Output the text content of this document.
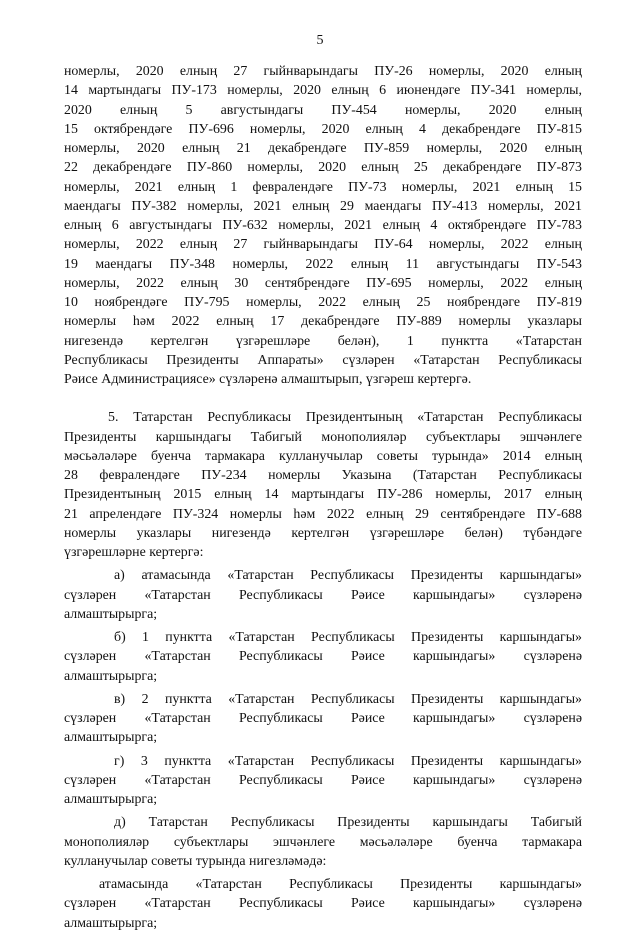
5
номерлы, 2020 елның 27 гыйнварындагы ПУ-26 номерлы, 2020 елның
14 мартындагы ПУ-173 номерлы, 2020 елның 6 июнендәге ПУ-341 номерлы,
2020 елның 5 августындагы ПУ-454 номерлы, 2020 елның
15 октябрендәге ПУ-696 номерлы, 2020 елның 4 декабрендәге ПУ-815
номерлы, 2020 елның 21 декабрендәге ПУ-859 номерлы, 2020 елның
22 декабрендәге ПУ-860 номерлы, 2020 елның 25 декабрендәге ПУ-873
номерлы, 2021 елның 1 февралендәге ПУ-73 номерлы, 2021 елның 15
маендагы ПУ-382 номерлы, 2021 елның 29 маендагы ПУ-413 номерлы, 2021
елның 6 августындагы ПУ-632 номерлы, 2021 елның 4 октябрендәге ПУ-783
номерлы, 2022 елның 27 гыйнварындагы ПУ-64 номерлы, 2022 елның
19 маендагы ПУ-348 номерлы, 2022 елның 11 августындагы ПУ-543
номерлы, 2022 елның 30 сентябрендәге ПУ-695 номерлы, 2022 елның
10 ноябрендәге ПУ-795 номерлы, 2022 елның 25 ноябрендәге ПУ-819
номерлы һәм 2022 елның 17 декабрендәге ПУ-889 номерлы указлары
нигезендә кертелгән үзгәрешләре белән), 1 пунктта «Татарстан
Республикасы Президенты Аппараты» сүзләрен «Татарстан Республикасы
Рәисе Администрациясе» сүзләренә алмаштырып, үзгәреш кертергә.
5. Татарстан Республикасы Президентының «Татарстан Республикасы
Президенты каршындагы Табигый монополияләр субъектлары эшчәнлеге
мәсьәләләре буенча тармакара кулланучылар советы турында» 2014 елның
28 февралендәге ПУ-234 номерлы Указына (Татарстан Республикасы
Президентының 2015 елның 14 мартындагы ПУ-286 номерлы, 2017 елның
21 апрелендәге ПУ-324 номерлы һәм 2022 елның 29 сентябрендәге ПУ-688
номерлы указлары нигезендә кертелгән үзгәрешләре белән) түбәндәге
үзгәрешләрне кертергә:
а) атамасында «Татарстан Республикасы Президенты каршындагы»
сүзләрен «Татарстан Республикасы Рәисе каршындагы» сүзләренә
алмаштырырга;
б) 1 пунктта «Татарстан Республикасы Президенты каршындагы»
сүзләрен «Татарстан Республикасы Рәисе каршындагы» сүзләренә
алмаштырырга;
в) 2 пунктта «Татарстан Республикасы Президенты каршындагы»
сүзләрен «Татарстан Республикасы Рәисе каршындагы» сүзләренә
алмаштырырга;
г) 3 пунктта «Татарстан Республикасы Президенты каршындагы»
сүзләрен «Татарстан Республикасы Рәисе каршындагы» сүзләренә
алмаштырырга;
д) Татарстан Республикасы Президенты каршындагы Табигый
монополияләр субъектлары эшчәнлеге мәсьәләләре буенча тармакара
кулланучылар советы турында нигезләмәдә:
атамасында «Татарстан Республикасы Президенты каршындагы»
сүзләрен «Татарстан Республикасы Рәисе каршындагы» сүзләренә
алмаштырырга;
